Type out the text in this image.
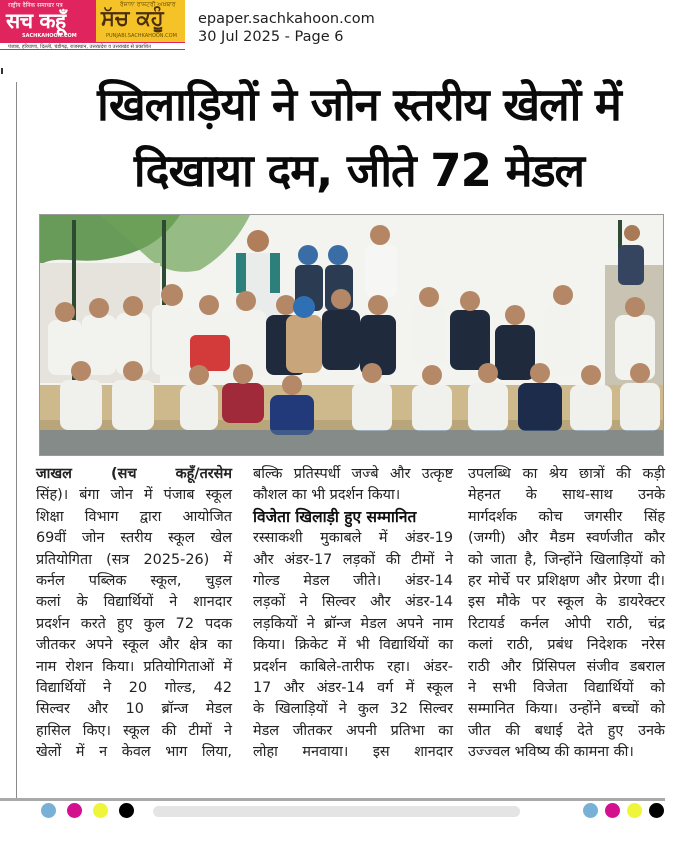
राष्ट्रीय दैनिक समाचार पत्र
सच कहूँ
SACHKAHOON.COM
ਰੋਜ਼ਾਨਾ ਰਾਸ਼ਟਰੀ ਅਖ਼ਬਾਰ
ਸੱਚ ਕਹੂੰ
PUNJABI.SACHKAHOON.COM
पंजाब, हरियाणा, दिल्ली, चंडीगढ़, राजस्थान, उत्तरप्रदेश व उत्तराखंड से प्रकाशित
epaper.sachkahoon.com
30 Jul 2025 - Page 6
खिलाड़ियों ने जोन स्तरीय खेलों में
दिखाया दम, जीते 72 मेडल
जाखल (सच कहूँ/तरसेम
सिंह)। बंगा जोन में पंजाब स्कूल
शिक्षा विभाग द्वारा आयोजित
69वीं जोन स्तरीय स्कूल खेल
प्रतियोगिता (सत्र 2025-26) में
कर्नल पब्लिक स्कूल, चुड़ल
कलां के विद्यार्थियों ने शानदार
प्रदर्शन करते हुए कुल 72 पदक
जीतकर अपने स्कूल और क्षेत्र का
नाम रोशन किया। प्रतियोगिताओं में
विद्यार्थियों ने 20 गोल्ड, 42
सिल्वर और 10 ब्रॉन्ज मेडल
हासिल किए। स्कूल की टीमों ने
खेलों में न केवल भाग लिया,
बल्कि प्रतिस्पर्धी जज्बे और उत्कृष्ट
कौशल का भी प्रदर्शन किया।
विजेता खिलाड़ी हुए सम्मानित
रस्साकशी मुकाबले में अंडर-19
और अंडर-17 लड़कों की टीमों ने
गोल्ड मेडल जीते। अंडर-14
लड़कों ने सिल्वर और अंडर-14
लड़कियों ने ब्रॉन्ज मेडल अपने नाम
किया। क्रिकेट में भी विद्यार्थियों का
प्रदर्शन काबिले-तारीफ रहा। अंडर-
17 और अंडर-14 वर्ग में स्कूल
के खिलाड़ियों ने कुल 32 सिल्वर
मेडल जीतकर अपनी प्रतिभा का
लोहा मनवाया। इस शानदार
उपलब्धि का श्रेय छात्रों की कड़ी
मेहनत के साथ-साथ उनके
मार्गदर्शक कोच जगसीर सिंह
(जग्गी) और मैडम स्वर्णजीत कौर
को जाता है, जिन्होंने खिलाड़ियों को
हर मोर्चे पर प्रशिक्षण और प्रेरणा दी।
इस मौके पर स्कूल के डायरेक्टर
रिटायर्ड कर्नल ओपी राठी, चंद्र
कलां राठी, प्रबंध निदेशक नरेस
राठी और प्रिंसिपल संजीव डबराल
ने सभी विजेता विद्यार्थियों को
सम्मानित किया। उन्होंने बच्चों को
जीत की बधाई देते हुए उनके
उज्ज्वल भविष्य की कामना की।
